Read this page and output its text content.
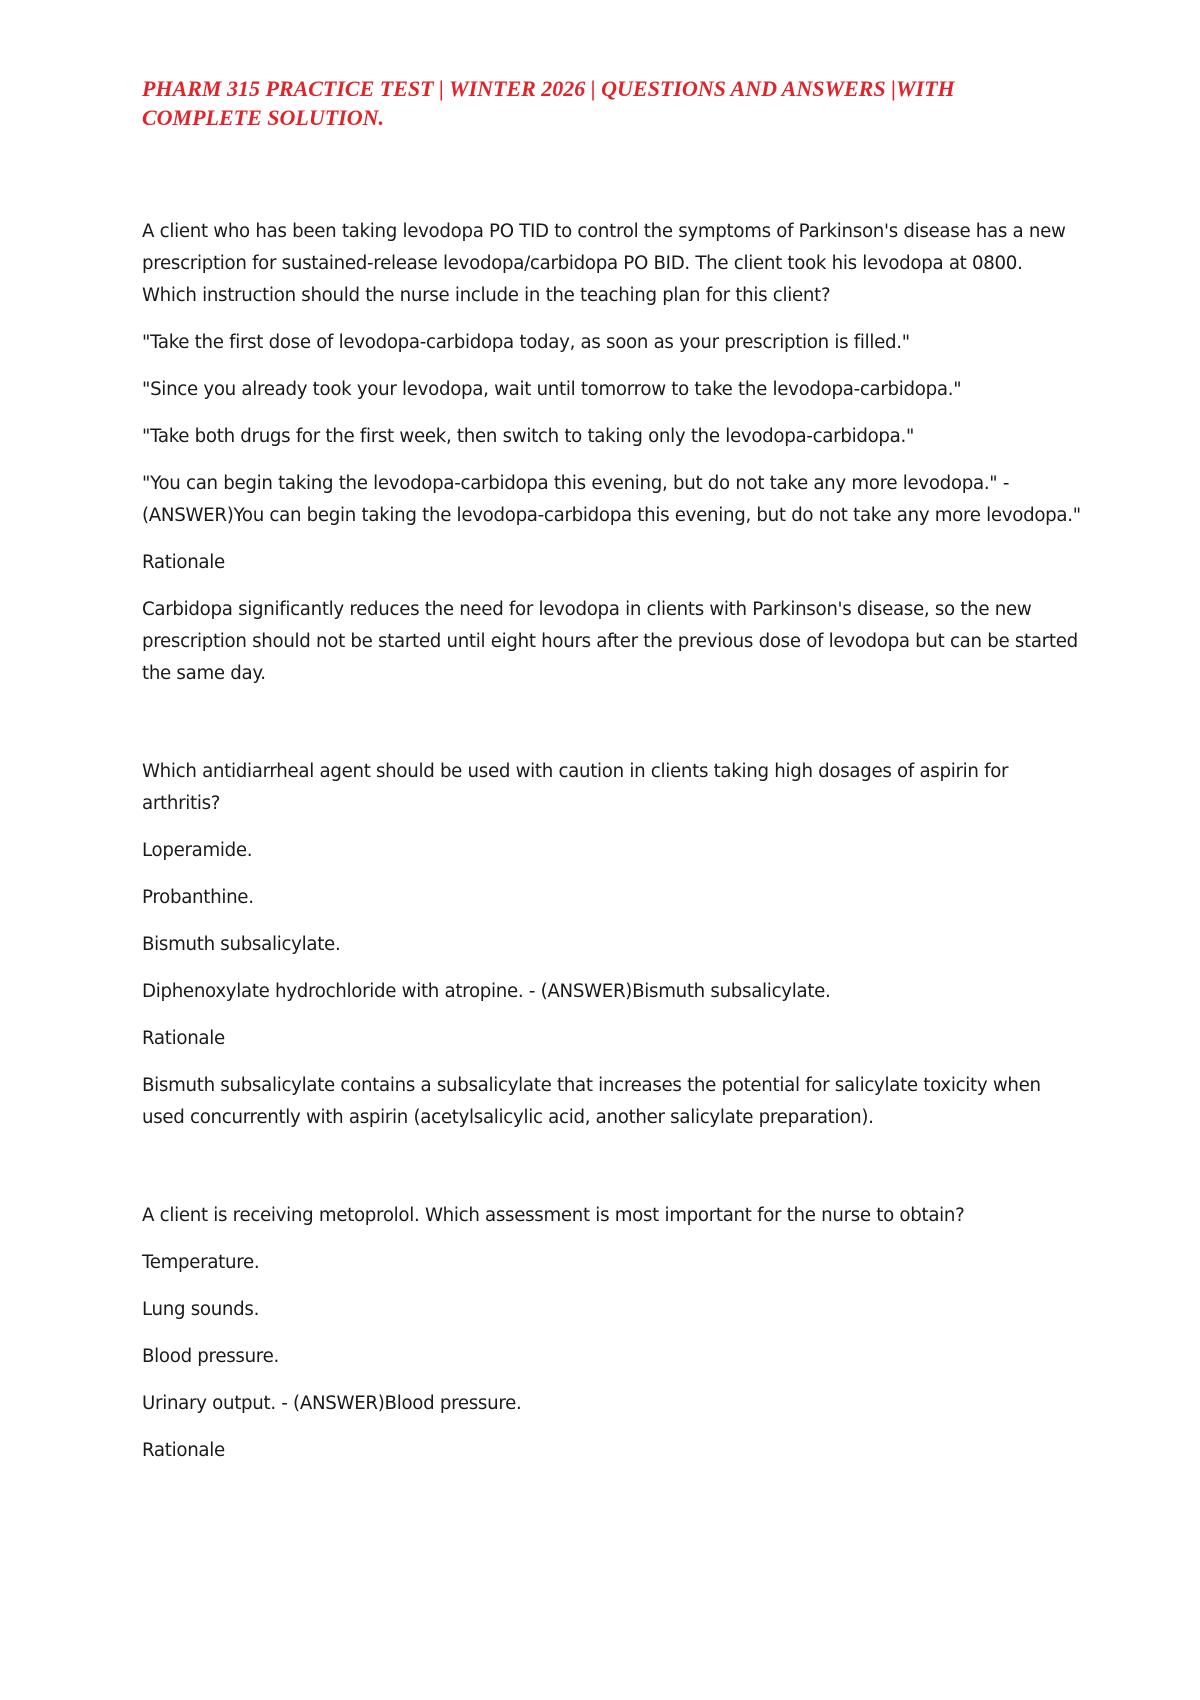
PHARM 315 PRACTICE TEST | WINTER 2026 | QUESTIONS AND ANSWERS |WITH COMPLETE SOLUTION.

A client who has been taking levodopa PO TID to control the symptoms of Parkinson's disease has a new prescription for sustained-release levodopa/carbidopa PO BID. The client took his levodopa at 0800. Which instruction should the nurse include in the teaching plan for this client?

"Take the first dose of levodopa-carbidopa today, as soon as your prescription is filled."

"Since you already took your levodopa, wait until tomorrow to take the levodopa-carbidopa."

"Take both drugs for the first week, then switch to taking only the levodopa-carbidopa."

"You can begin taking the levodopa-carbidopa this evening, but do not take any more levodopa." - (ANSWER)You can begin taking the levodopa-carbidopa this evening, but do not take any more levodopa."

Rationale

Carbidopa significantly reduces the need for levodopa in clients with Parkinson's disease, so the new prescription should not be started until eight hours after the previous dose of levodopa but can be started the same day.

Which antidiarrheal agent should be used with caution in clients taking high dosages of aspirin for arthritis?

Loperamide.

Probanthine.

Bismuth subsalicylate.

Diphenoxylate hydrochloride with atropine. - (ANSWER)Bismuth subsalicylate.

Rationale

Bismuth subsalicylate contains a subsalicylate that increases the potential for salicylate toxicity when used concurrently with aspirin (acetylsalicylic acid, another salicylate preparation).

A client is receiving metoprolol. Which assessment is most important for the nurse to obtain?

Temperature.

Lung sounds.

Blood pressure.

Urinary output. - (ANSWER)Blood pressure.

Rationale
